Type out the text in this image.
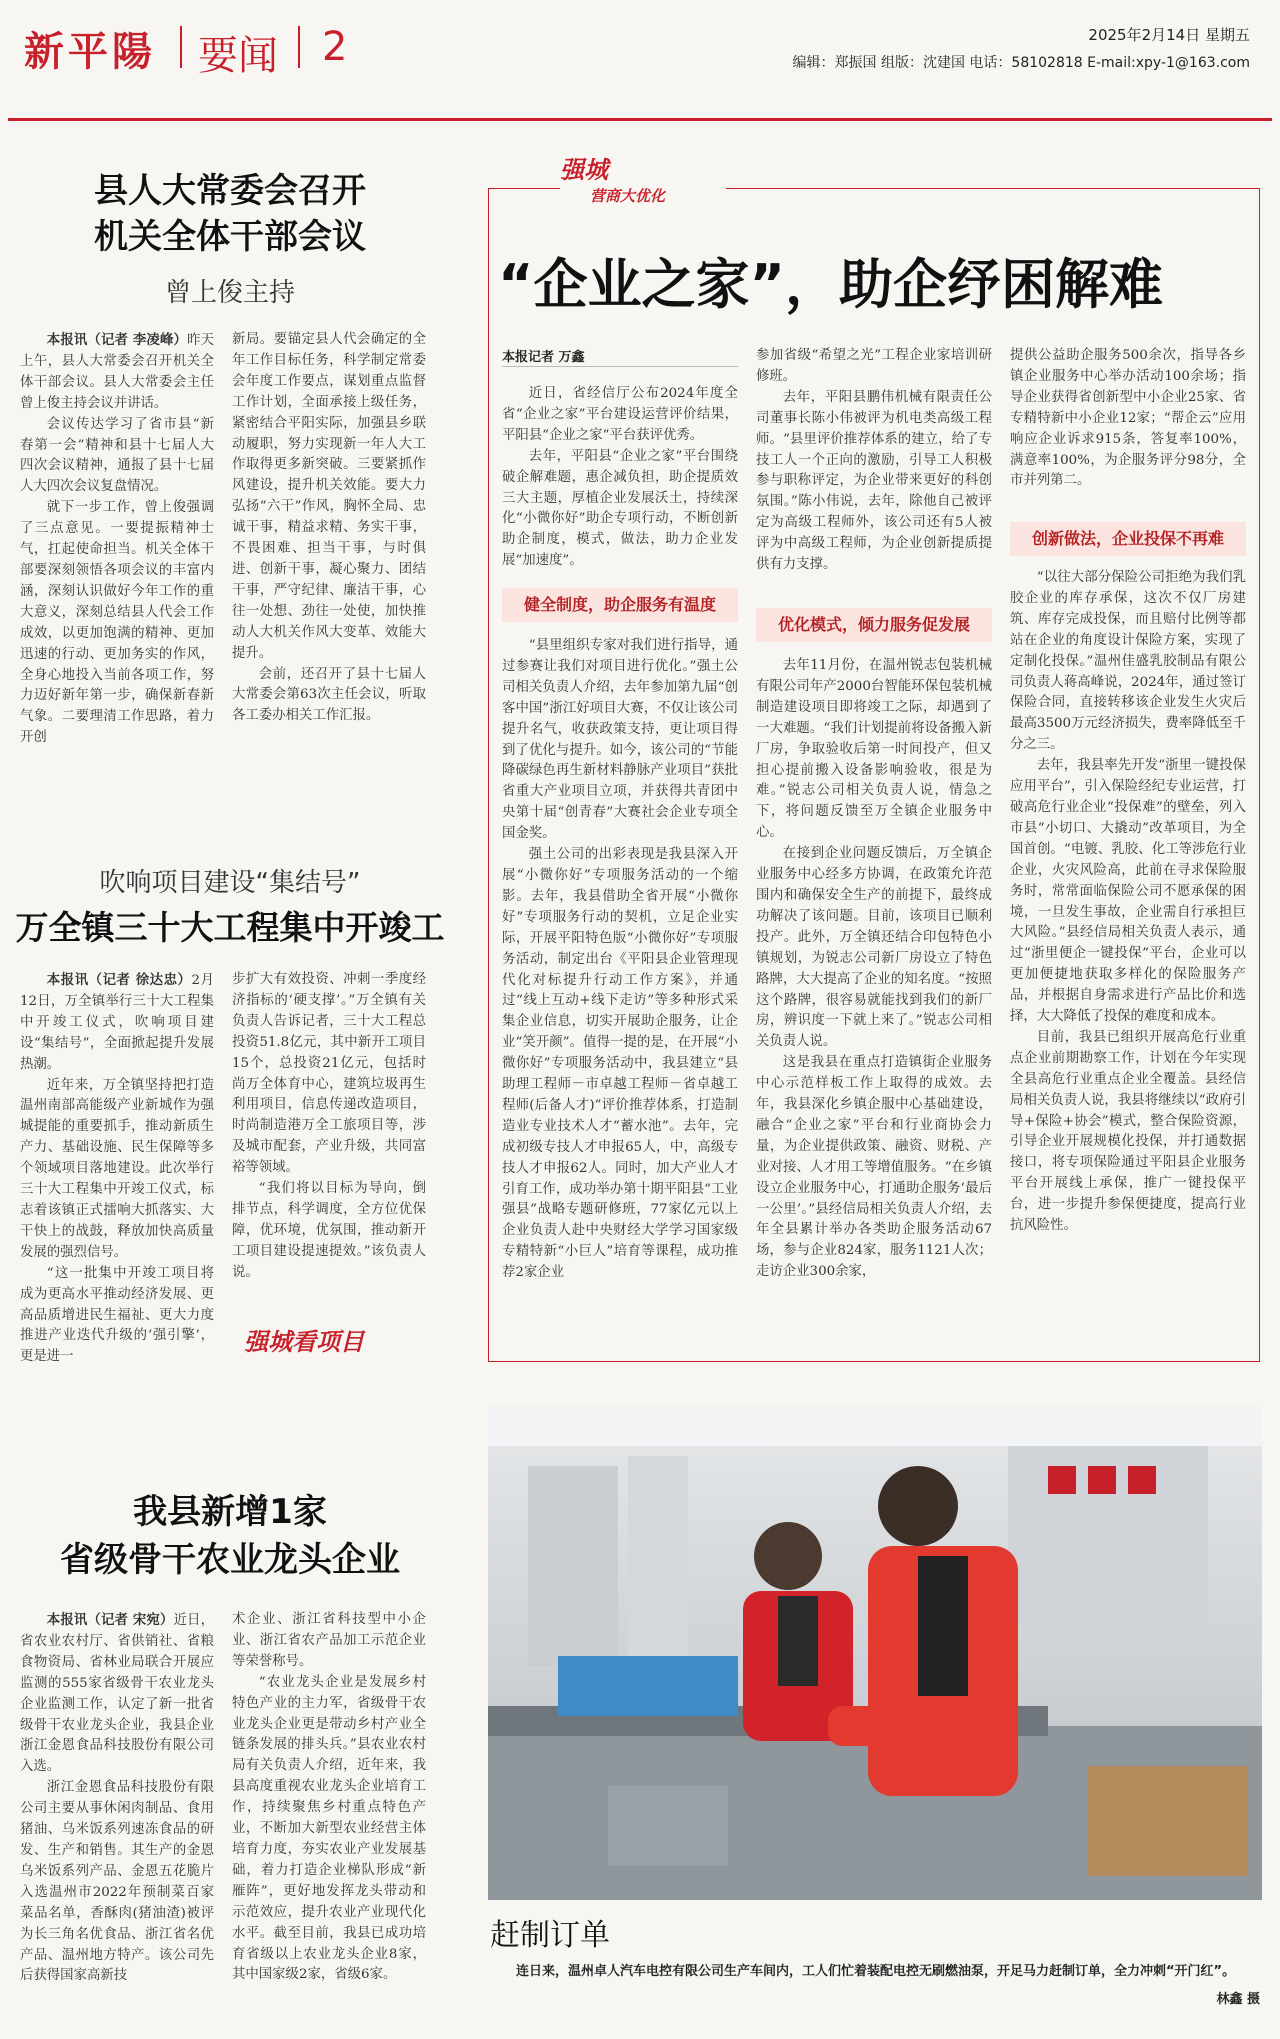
新平陽 要闻 2	2025年2月14日 星期五
编辑：郑振国 组版：沈建国 电话：58102818 E-mail:xpy-1@163.com
县人大常委会召开
机关全体干部会议
曾上俊主持

本报讯（记者 李凌峰）昨天上午，县人大常委会召开机关全体干部会议。县人大常委会主任曾上俊主持会议并讲话。

会议传达学习了省市县“新春第一会”精神和县十七届人大四次会议精神，通报了县十七届人大四次会议复盘情况。

就下一步工作，曾上俊强调了三点意见。一要提振精神士气，扛起使命担当。机关全体干部要深刻领悟各项会议的丰富内涵，深刻认识做好今年工作的重大意义，深刻总结县人代会工作成效，以更加饱满的精神、更加迅速的行动、更加务实的作风，全身心地投入当前各项工作，努力迈好新年第一步，确保新春新气象。二要理清工作思路，着力开创

新局。要锚定县人代会确定的全年工作目标任务，科学制定常委会年度工作要点，谋划重点监督工作计划，全面承接上级任务，紧密结合平阳实际，加强县乡联动履职，努力实现新一年人大工作取得更多新突破。三要紧抓作风建设，提升机关效能。要大力弘扬“六干”作风，胸怀全局、忠诚干事，精益求精、务实干事，不畏困难、担当干事，与时俱进、创新干事，凝心聚力、团结干事，严守纪律、廉洁干事，心往一处想、劲往一处使，加快推动人大机关作风大变革、效能大提升。

会前，还召开了县十七届人大常委会第63次主任会议，听取各工委办相关工作汇报。

吹响项目建设“集结号”
万全镇三十大工程集中开竣工

本报讯（记者 徐达忠）2月12日，万全镇举行三十大工程集中开竣工仪式，吹响项目建设“集结号”，全面掀起提升发展热潮。

近年来，万全镇坚持把打造温州南部高能级产业新城作为强城提能的重要抓手，推动新质生产力、基础设施、民生保障等多个领域项目落地建设。此次举行三十大工程集中开竣工仪式，标志着该镇正式擂响大抓落实、大干快上的战鼓，释放加快高质量发展的强烈信号。

“这一批集中开竣工项目将成为更高水平推动经济发展、更高品质增进民生福祉、更大力度推进产业迭代升级的‘强引擎’，更是进一

步扩大有效投资、冲刺一季度经济指标的‘硬支撑’。”万全镇有关负责人告诉记者，三十大工程总投资51.8亿元，其中新开工项目15个，总投资21亿元，包括时尚万全体育中心，建筑垃圾再生利用项目，信息传递改造项目，时尚制造港万全工旅项目等，涉及城市配套，产业升级，共同富裕等领域。

“我们将以目标为导向，倒排节点，科学调度，全方位优保障，优环境，优氛围，推动新开工项目建设提速提效。”该负责人说。

强城看项目
我县新增1家
省级骨干农业龙头企业

本报讯（记者 宋宛）近日，省农业农村厅、省供销社、省粮食物资局、省林业局联合开展应监测的555家省级骨干农业龙头企业监测工作，认定了新一批省级骨干农业龙头企业，我县企业浙江金恩食品科技股份有限公司入选。

浙江金恩食品科技股份有限公司主要从事休闲肉制品、食用猪油、乌米饭系列速冻食品的研发、生产和销售。其生产的金恩乌米饭系列产品、金恩五花脆片入选温州市2022年预制菜百家菜品名单，香酥肉(猪油渣)被评为长三角名优食品、浙江省名优产品、温州地方特产。该公司先后获得国家高新技

术企业、浙江省科技型中小企业、浙江省农产品加工示范企业等荣誉称号。

“农业龙头企业是发展乡村特色产业的主力军，省级骨干农业龙头企业更是带动乡村产业全链条发展的排头兵。”县农业农村局有关负责人介绍，近年来，我县高度重视农业龙头企业培育工作，持续聚焦乡村重点特色产业，不断加大新型农业经营主体培育力度，夯实农业产业发展基础，着力打造企业梯队形成“新雁阵”，更好地发挥龙头带动和示范效应，提升农业产业现代化水平。截至目前，我县已成功培育省级以上农业龙头企业8家，其中国家级2家，省级6家。

强城
营商大优化
“企业之家”，助企纾困解难
本报记者 万鑫

近日，省经信厅公布2024年度全省“企业之家”平台建设运营评价结果，平阳县“企业之家”平台获评优秀。

去年，平阳县“企业之家”平台围绕破企解难题，惠企减负担，助企提质效三大主题，厚植企业发展沃土，持续深化“小微你好”助企专项行动，不断创新助企制度，模式，做法，助力企业发展“加速度”。

健全制度，助企服务有温度

“县里组织专家对我们进行指导，通过参赛让我们对项目进行优化。”强土公司相关负责人介绍，去年参加第九届“创客中国”浙江好项目大赛，不仅让该公司提升名气，收获政策支持，更让项目得到了优化与提升。如今，该公司的“节能降碳绿色再生新材料静脉产业项目”获批省重大产业项目立项，并获得共青团中央第十届“创青春”大赛社会企业专项全国金奖。

强土公司的出彩表现是我县深入开展“小微你好”专项服务活动的一个缩影。去年，我县借助全省开展“小微你好”专项服务行动的契机，立足企业实际，开展平阳特色版“小微你好”专项服务活动，制定出台《平阳县企业管理现代化对标提升行动工作方案》，并通过“线上互动+线下走访”等多种形式采集企业信息，切实开展助企服务，让企业“笑开颜”。值得一提的是，在开展“小微你好”专项服务活动中，我县建立“县助理工程师－市卓越工程师－省卓越工程师(后备人才)”评价推荐体系，打造制造业专业技术人才“蓄水池”。去年，完成初级专技人才申报65人，中，高级专技人才申报62人。同时，加大产业人才引育工作，成功举办第十期平阳县“工业强县”战略专题研修班，77家亿元以上企业负责人赴中央财经大学学习国家级专精特新“小巨人”培育等课程，成功推荐2家企业

参加省级“希望之光”工程企业家培训研修班。

去年，平阳县鹏伟机械有限责任公司董事长陈小伟被评为机电类高级工程师。“县里评价推荐体系的建立，给了专技工人一个正向的激励，引导工人积极参与职称评定，为企业带来更好的科创氛围。”陈小伟说，去年，除他自己被评定为高级工程师外，该公司还有5人被评为中高级工程师，为企业创新提质提供有力支撑。

优化模式，倾力服务促发展

去年11月份，在温州锐志包装机械有限公司年产2000台智能环保包装机械制造建设项目即将竣工之际，却遇到了一大难题。“我们计划提前将设备搬入新厂房，争取验收后第一时间投产，但又担心提前搬入设备影响验收，很是为难。”锐志公司相关负责人说，情急之下，将问题反馈至万全镇企业服务中心。

在接到企业问题反馈后，万全镇企业服务中心经多方协调，在政策允许范围内和确保安全生产的前提下，最终成功解决了该问题。目前，该项目已顺利投产。此外，万全镇还结合印包特色小镇规划，为锐志公司新厂房设立了特色路牌，大大提高了企业的知名度。“按照这个路牌，很容易就能找到我们的新厂房，辨识度一下就上来了。”锐志公司相关负责人说。

这是我县在重点打造镇街企业服务中心示范样板工作上取得的成效。去年，我县深化乡镇企服中心基础建设，融合“企业之家”平台和行业商协会力量，为企业提供政策、融资、财税、产业对接、人才用工等增值服务。“在乡镇设立企业服务中心，打通助企服务‘最后一公里’。”县经信局相关负责人介绍，去年全县累计举办各类助企服务活动67场，参与企业824家，服务1121人次；走访企业300余家，

提供公益助企服务500余次，指导各乡镇企业服务中心举办活动100余场；指导企业获得省创新型中小企业25家、省专精特新中小企业12家；“帮企云”应用响应企业诉求915条，答复率100%，满意率100%，为企服务评分98分，全市并列第二。
创新做法，企业投保不再难

“以往大部分保险公司拒绝为我们乳胶企业的库存承保，这次不仅厂房建筑、库存完成投保，而且赔付比例等都站在企业的角度设计保险方案，实现了定制化投保。”温州佳盛乳胶制品有限公司负责人蒋高峰说，2024年，通过签订保险合同，直接转移该企业发生火灾后最高3500万元经济损失，费率降低至千分之三。

去年，我县率先开发“浙里一键投保应用平台”，引入保险经纪专业运营，打破高危行业企业“投保难”的壁垒，列入市县“小切口、大撬动”改革项目，为全国首创。“电镀、乳胶、化工等涉危行业企业，火灾风险高，此前在寻求保险服务时，常常面临保险公司不愿承保的困境，一旦发生事故，企业需自行承担巨大风险。”县经信局相关负责人表示，通过“浙里便企一键投保”平台，企业可以更加便捷地获取多样化的保险服务产品，并根据自身需求进行产品比价和选择，大大降低了投保的难度和成本。

目前，我县已组织开展高危行业重点企业前期勘察工作，计划在今年实现全县高危行业重点企业全覆盖。县经信局相关负责人说，我县将继续以“政府引导+保险+协会”模式，整合保险资源，引导企业开展规模化投保，并打通数据接口，将专项保险通过平阳县企业服务平台开展线上承保，推广一键投保平台，进一步提升参保便捷度，提高行业抗风险性。

赶制订单
连日来，温州卓人汽车电控有限公司生产车间内，工人们忙着装配电控无刷燃油泵，开足马力赶制订单，全力冲刺“开门红”。
林鑫 摄
